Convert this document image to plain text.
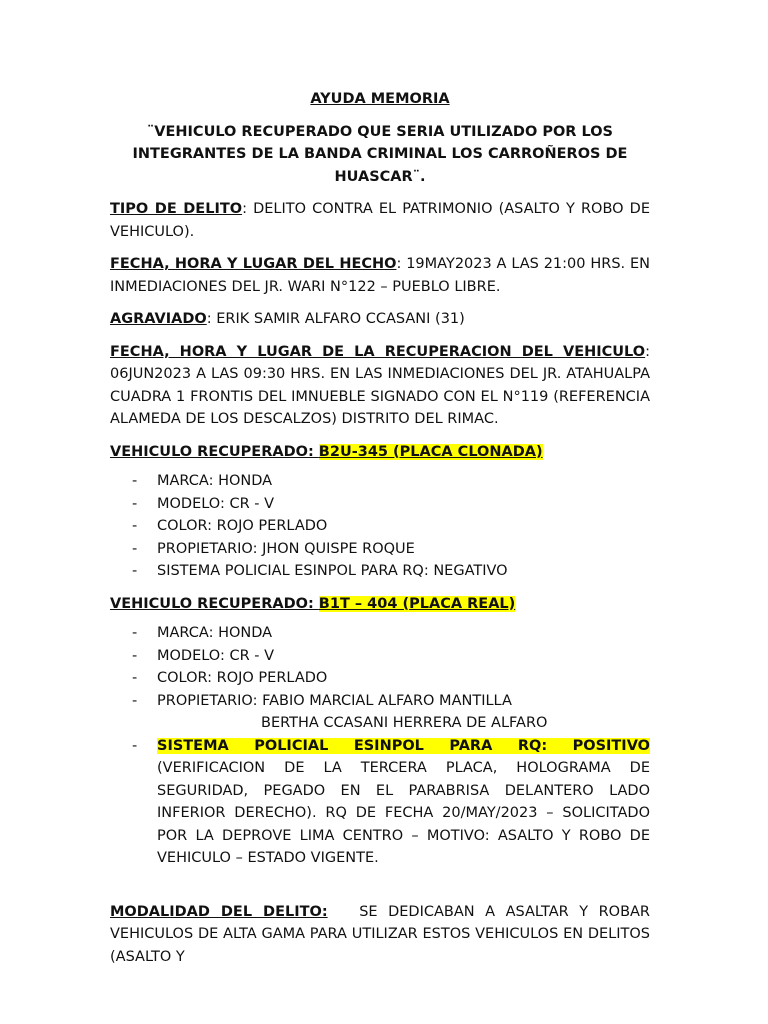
AYUDA MEMORIA

¨VEHICULO RECUPERADO QUE SERIA UTILIZADO POR LOS INTEGRANTES DE LA BANDA CRIMINAL LOS CARROÑEROS DE HUASCAR¨.

TIPO DE DELITO: DELITO CONTRA EL PATRIMONIO (ASALTO Y ROBO DE VEHICULO).

FECHA, HORA Y LUGAR DEL HECHO: 19MAY2023 A LAS 21:00 HRS. EN INMEDIACIONES DEL JR. WARI N°122 – PUEBLO LIBRE.

AGRAVIADO: ERIK SAMIR ALFARO CCASANI (31)

FECHA, HORA Y LUGAR DE LA RECUPERACION DEL VEHICULO: 06JUN2023 A LAS 09:30 HRS. EN LAS INMEDIACIONES DEL JR. ATAHUALPA CUADRA 1 FRONTIS DEL IMNUEBLE SIGNADO CON EL N°119 (REFERENCIA ALAMEDA DE LOS DESCALZOS) DISTRITO DEL RIMAC.

VEHICULO RECUPERADO: B2U-345 (PLACA CLONADA)

- MARCA: HONDA
- MODELO: CR - V
- COLOR: ROJO PERLADO
- PROPIETARIO: JHON QUISPE ROQUE
- SISTEMA POLICIAL ESINPOL PARA RQ: NEGATIVO

VEHICULO RECUPERADO: B1T – 404 (PLACA REAL)

- MARCA: HONDA
- MODELO: CR - V
- COLOR: ROJO PERLADO
- PROPIETARIO: FABIO MARCIAL ALFARO MANTILLA
BERTHA CCASANI HERRERA DE ALFARO
- SISTEMA POLICIAL ESINPOL PARA RQ: POSITIVO (VERIFICACION DE LA TERCERA PLACA, HOLOGRAMA DE SEGURIDAD, PEGADO EN EL PARABRISA DELANTERO LADO INFERIOR DERECHO). RQ DE FECHA 20/MAY/2023 – SOLICITADO POR LA DEPROVE LIMA CENTRO – MOTIVO: ASALTO Y ROBO DE VEHICULO – ESTADO VIGENTE.

MODALIDAD DEL DELITO: SE DEDICABAN A ASALTAR Y ROBAR VEHICULOS DE ALTA GAMA PARA UTILIZAR ESTOS VEHICULOS EN DELITOS (ASALTO Y
